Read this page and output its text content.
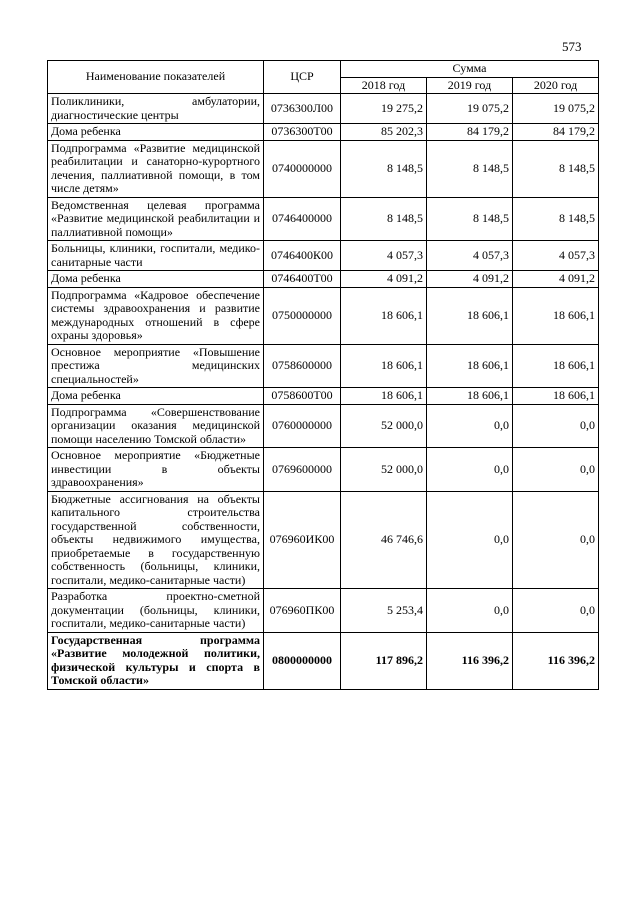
573
Наименование показателей	ЦСР	Сумма		
		2018 год	2019 год	2020 год
Поликлиники, амбулатории, диагностические центры	0736300Л00	19 275,2	19 075,2	19 075,2
Дома ребенка	0736300Т00	85 202,3	84 179,2	84 179,2
Подпрограмма «Развитие медицинской реабилитации и санаторно-курортного лечения, паллиативной помощи, в том числе детям»	0740000000	8 148,5	8 148,5	8 148,5
Ведомственная целевая программа «Развитие медицинской реабилитации и паллиативной помощи»	0746400000	8 148,5	8 148,5	8 148,5
Больницы, клиники, госпитали, медико-санитарные части	0746400К00	4 057,3	4 057,3	4 057,3
Дома ребенка	0746400Т00	4 091,2	4 091,2	4 091,2
Подпрограмма «Кадровое обеспечение системы здравоохранения и развитие международных отношений в сфере охраны здоровья»	0750000000	18 606,1	18 606,1	18 606,1
Основное мероприятие «Повышение престижа медицинских специальностей»	0758600000	18 606,1	18 606,1	18 606,1
Дома ребенка	0758600Т00	18 606,1	18 606,1	18 606,1
Подпрограмма «Совершенствование организации оказания медицинской помощи населению Томской области»	0760000000	52 000,0	0,0	0,0
Основное мероприятие «Бюджетные инвестиции в объекты здравоохранения»	0769600000	52 000,0	0,0	0,0
Бюджетные ассигнования на объекты капитального строительства государственной собственности, объекты недвижимого имущества, приобретаемые в государственную собственность (больницы, клиники, госпитали, медико-санитарные части)	076960ИК00	46 746,6	0,0	0,0
Разработка проектно-сметной документации (больницы, клиники, госпитали, медико-санитарные части)	076960ПК00	5 253,4	0,0	0,0
Государственная программа «Развитие молодежной политики, физической культуры и спорта в Томской области»	0800000000	117 896,2	116 396,2	116 396,2
